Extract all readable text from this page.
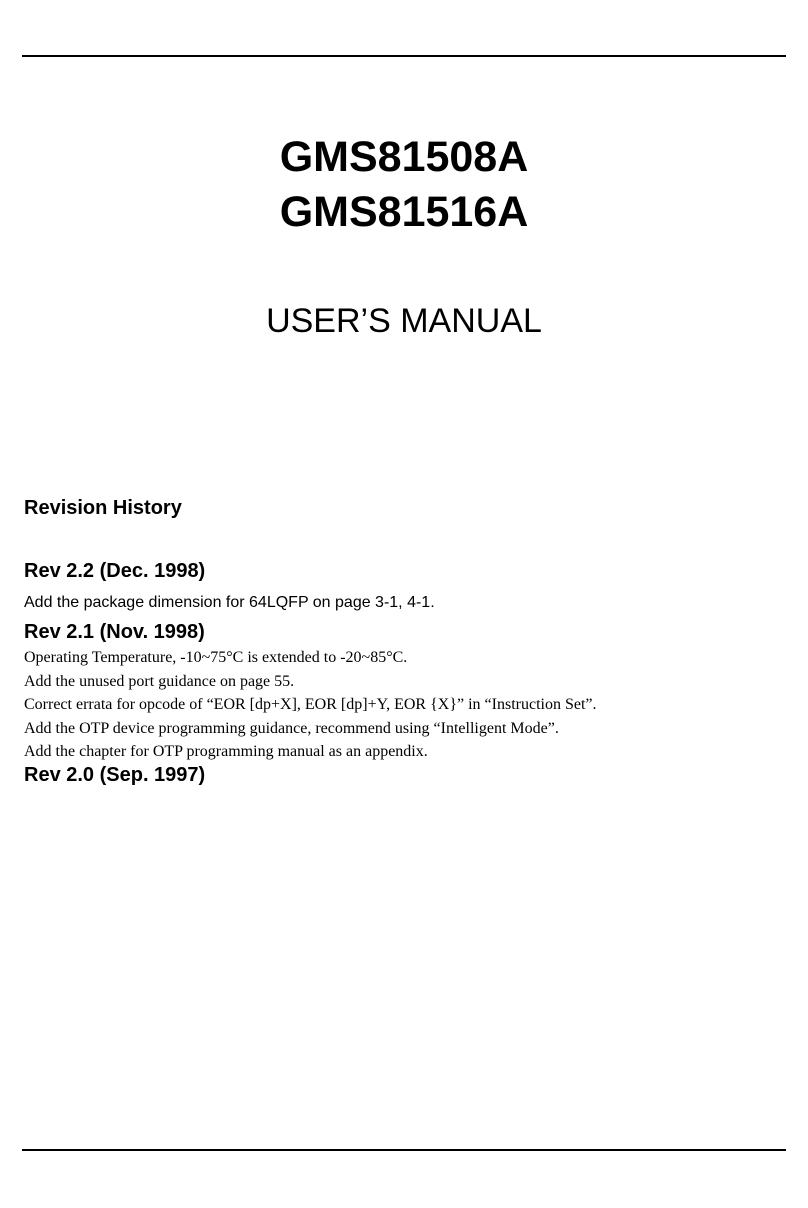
GMS81508A
GMS81516A
USER’S MANUAL
Revision History
Rev 2.2 (Dec. 1998)

Add the package dimension for 64LQFP on page 3-1, 4-1.

Rev 2.1 (Nov. 1998)
Operating Temperature, -10~75°C is extended to -20~85°C.
Add the unused port guidance on page 55.
Correct errata for opcode of “EOR [dp+X], EOR [dp]+Y, EOR {X}” in “Instruction Set”.
Add the OTP device programming guidance, recommend using “Intelligent Mode”.
Add the chapter for OTP programming manual as an appendix.
Rev 2.0 (Sep. 1997)
